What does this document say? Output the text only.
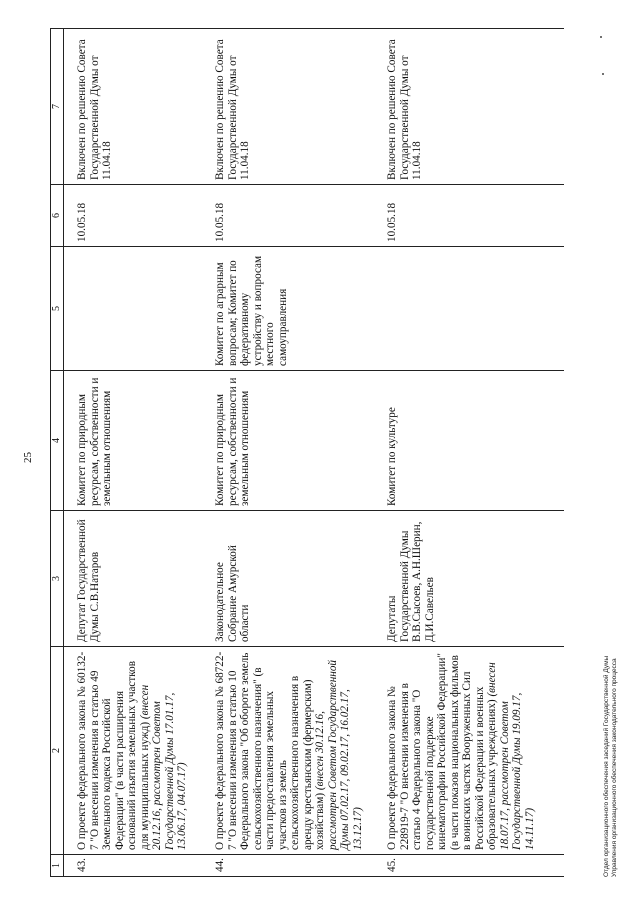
25
1	2	3	4	5	6	7

43.	О проекте федерального закона № 60132-7 "О внесении изменения в статью 49 Земельного кодекса Российской Федерации" (в части расширения оснований изъятия земельных участков для муниципальных нужд) (внесен 20.12.16, рассмотрен Советом Государственной Думы 17.01.17, 13.06.17, 04.07.17)	Депутат Государственной Думы С.В.Натаров	Комитет по природным ресурсам, собственности и земельным отношениям		10.05.18	Включен по решению Совета Государственной Думы от 11.04.18
44.	О проекте федерального закона № 68722-7 "О внесении изменения в статью 10 Федерального закона "Об обороте земель сельскохозяйственного назначения" (в части предоставления земельных участков из земель сельскохозяйственного назначения в аренду крестьянским (фермерским) хозяйствам) (внесен 30.12.16, рассмотрен Советом Государственной Думы 07.02.17, 09.02.17, 16.02.17, 13.12.17)	Законодательное Собрание Амурской области	Комитет по природным ресурсам, собственности и земельным отношениям	Комитет по аграрным вопросам; Комитет по федеративному устройству и вопросам местного самоуправления	10.05.18	Включен по решению Совета Государственной Думы от 11.04.18
45.	О проекте федерального закона № 228919-7 "О внесении изменения в статью 4 Федерального закона "О государственной поддержке кинематографии Российской Федерации" (в части показов национальных фильмов в воинских частях Вооруженных Сил Российской Федерации и военных образовательных учреждениях) (внесен 18.07.17, рассмотрен Советом Государственной Думы 19.09.17, 14.11.17)	Депутаты Государственной Думы В.В.Сысоев, А.Н.Шерин, Д.И.Савельев	Комитет по культуре		10.05.18	Включен по решению Совета Государственной Думы от 11.04.18
Отдел организационного обеспечения заседаний Государственной Думы Управления организационного обеспечения законодательного процесса
